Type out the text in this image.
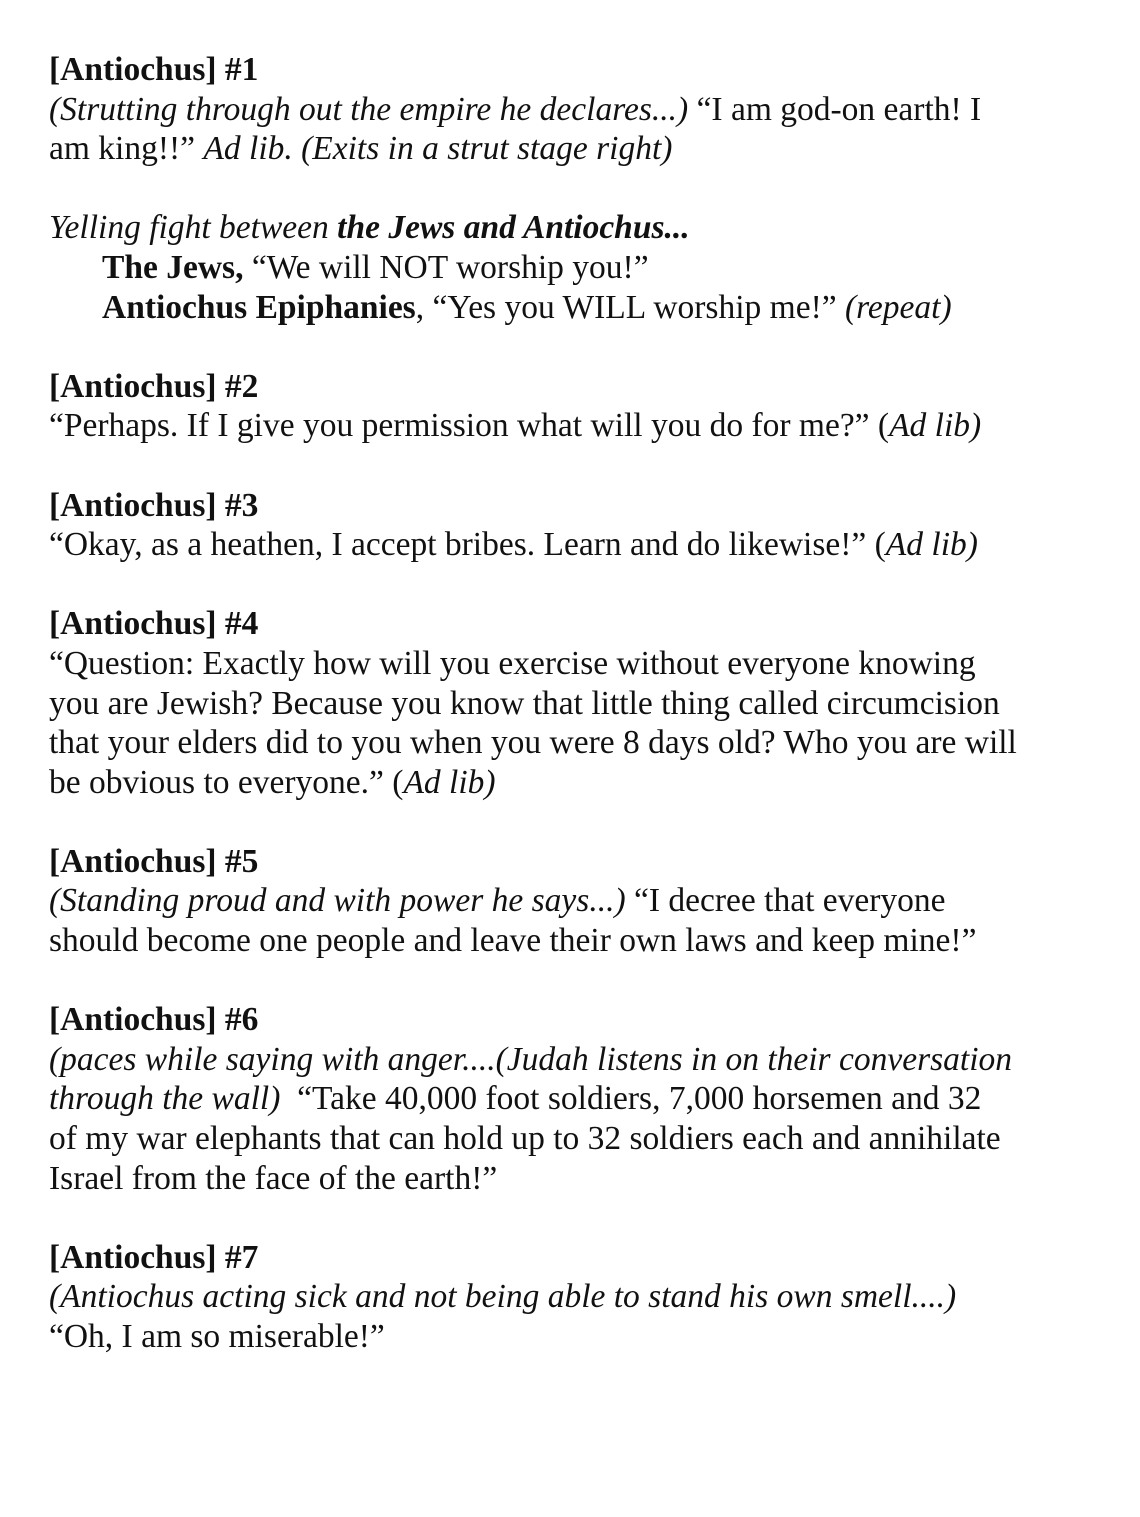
[Antiochus] #1
(Strutting through out the empire he declares...) “I am god-on earth! I
am king!!” Ad lib. (Exits in a strut stage right)
Yelling fight between the Jews and Antiochus...
The Jews, “We will NOT worship you!”
Antiochus Epiphanies, “Yes you WILL worship me!” (repeat)
[Antiochus] #2
“Perhaps. If I give you permission what will you do for me?” (Ad lib)
[Antiochus] #3
“Okay, as a heathen, I accept bribes. Learn and do likewise!” (Ad lib)
[Antiochus] #4
“Question: Exactly how will you exercise without everyone knowing
you are Jewish? Because you know that little thing called circumcision
that your elders did to you when you were 8 days old? Who you are will
be obvious to everyone.” (Ad lib)
[Antiochus] #5
(Standing proud and with power he says...) “I decree that everyone
should become one people and leave their own laws and keep mine!”
[Antiochus] #6
(paces while saying with anger....(Judah listens in on their conversation
through the wall)  “Take 40,000 foot soldiers, 7,000 horsemen and 32
of my war elephants that can hold up to 32 soldiers each and annihilate
Israel from the face of the earth!”
[Antiochus] #7
(Antiochus acting sick and not being able to stand his own smell....)
“Oh, I am so miserable!”
